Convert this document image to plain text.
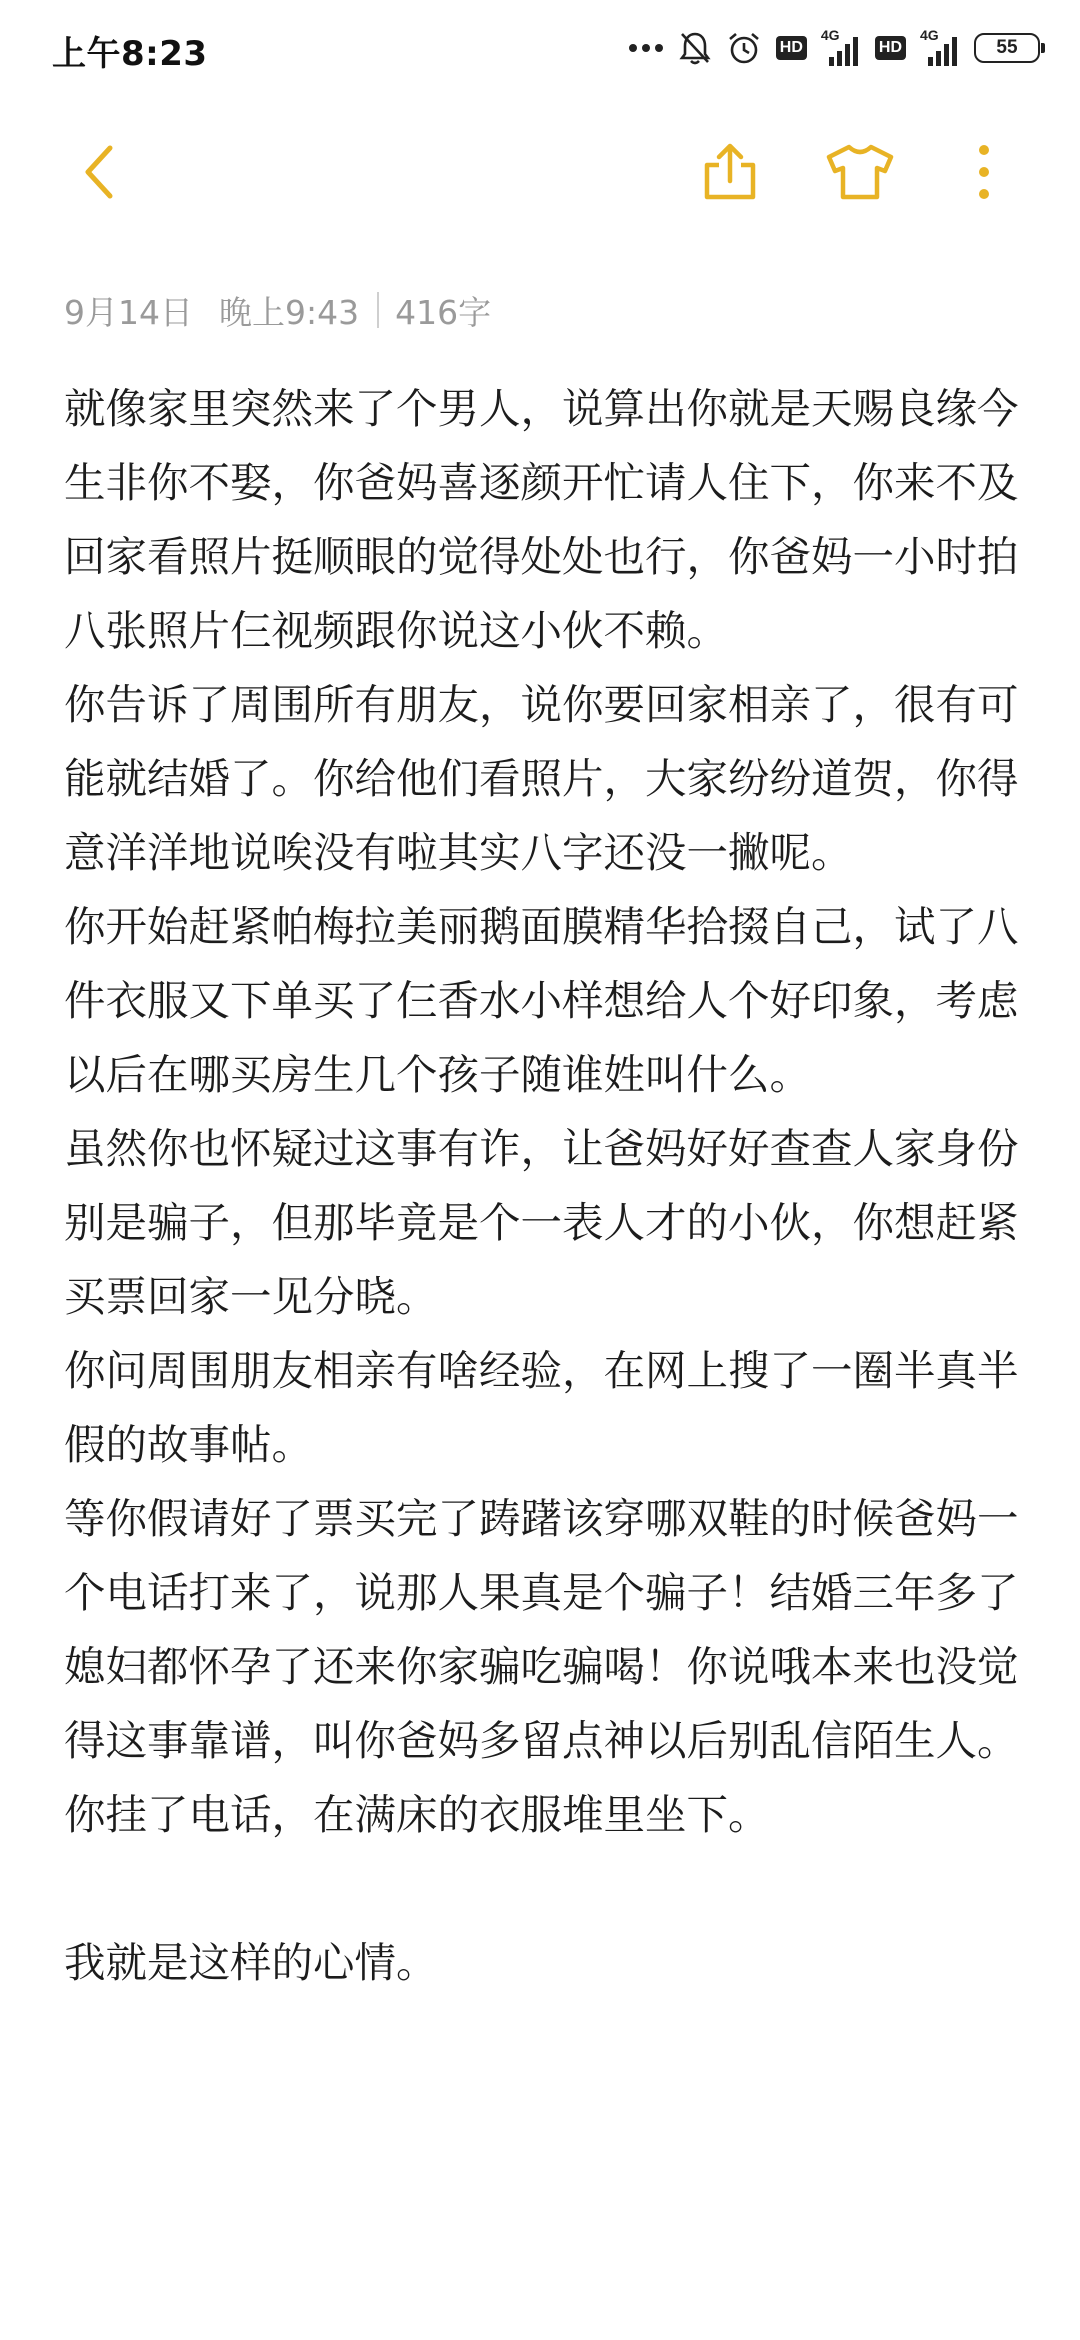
上午8:23	HD
4G
HD
4G
55
9月14日 晚上9:43 416字

就像家里突然来了个男人，说算出你就是天赐良缘今生非你不娶，你爸妈喜逐颜开忙请人住下，你来不及回家看照片挺顺眼的觉得处处也行，你爸妈一小时拍八张照片仨视频跟你说这小伙不赖。

你告诉了周围所有朋友，说你要回家相亲了，很有可能就结婚了。你给他们看照片，大家纷纷道贺，你得意洋洋地说唉没有啦其实八字还没一撇呢。

你开始赶紧帕梅拉美丽鹅面膜精华拾掇自己，试了八件衣服又下单买了仨香水小样想给人个好印象，考虑以后在哪买房生几个孩子随谁姓叫什么。

虽然你也怀疑过这事有诈，让爸妈好好查查人家身份别是骗子，但那毕竟是个一表人才的小伙，你想赶紧买票回家一见分晓。

你问周围朋友相亲有啥经验，在网上搜了一圈半真半假的故事帖。

等你假请好了票买完了踌躇该穿哪双鞋的时候爸妈一个电话打来了，说那人果真是个骗子！结婚三年多了媳妇都怀孕了还来你家骗吃骗喝！你说哦本来也没觉得这事靠谱，叫你爸妈多留点神以后别乱信陌生人。

你挂了电话，在满床的衣服堆里坐下。

我就是这样的心情。
